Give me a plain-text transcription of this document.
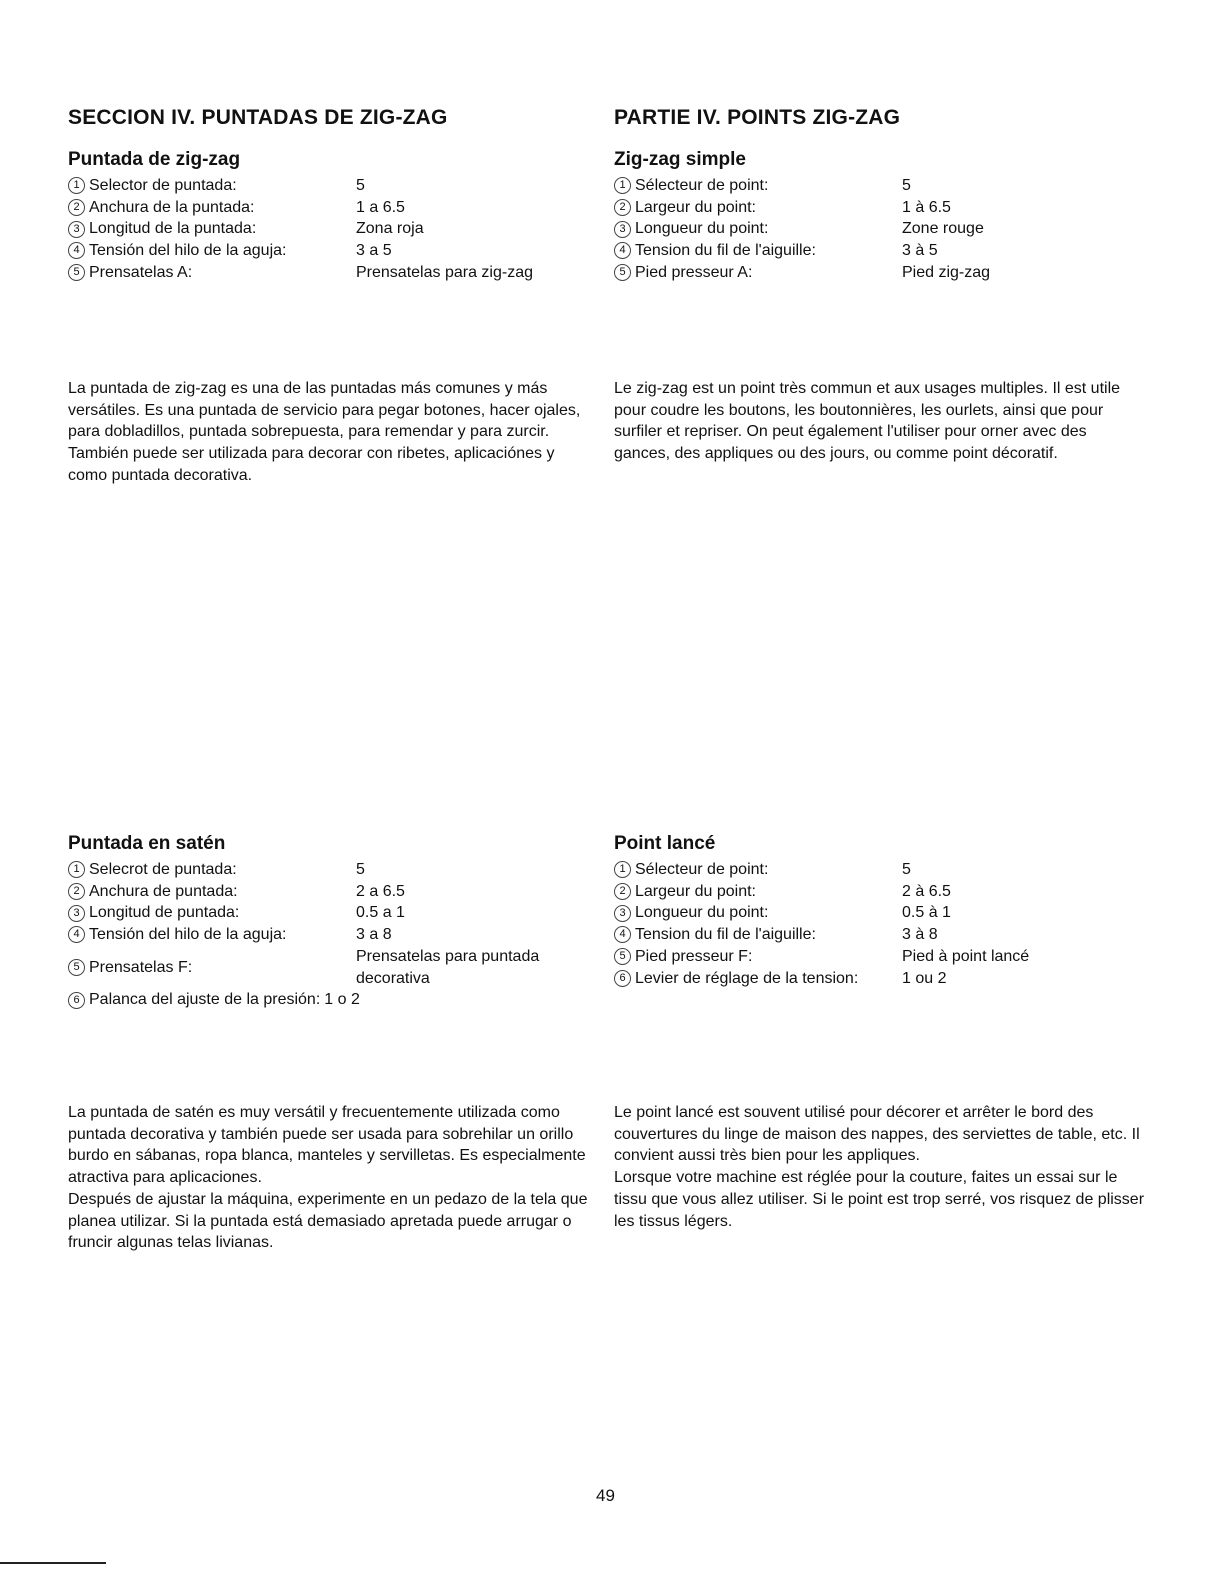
SECCION IV. PUNTADAS DE ZIG-ZAG	PARTIE IV. POINTS ZIG-ZAG
Puntada de zig-zag
1 Selector de puntada:	5
2 Anchura de la puntada:	1 a 6.5
3 Longitud de la puntada:	Zona roja
4 Tensión del hilo de la aguja:	3 a 5
5 Prensatelas A:	Prensatelas para zig-zag

La puntada de zig-zag es una de las puntadas más comunes y más versátiles. Es una puntada de servicio para pegar botones, hacer ojales, para dobladillos, puntada sobrepuesta, para remendar y para zurcir. También puede ser utilizada para decorar con ribetes, aplicaciónes y como puntada decorativa.

Zig-zag simple
1 Sélecteur de point:	5
2 Largeur du point:	1 à 6.5
3 Longueur du point:	Zone rouge
4 Tension du fil de l'aiguille:	3 à 5
5 Pied presseur A:	Pied zig-zag

Le zig-zag est un point très commun et aux usages multiples. Il est utile pour coudre les boutons, les boutonnières, les ourlets, ainsi que pour surfiler et repriser. On peut également l'utiliser pour orner avec des gances, des appliques ou des jours, ou comme point décoratif.

Puntada en satén
1 Selecrot de puntada:	5
2 Anchura de puntada:	2 a 6.5
3 Longitud de puntada:	0.5 a 1
4 Tensión del hilo de la aguja:	3 a 8
5 Prensatelas F:
Prensatelas para puntada
decorativa
6 Palanca del ajuste de la presión: 1 o 2

La puntada de satén es muy versátil y frecuentemente utilizada como puntada decorativa y también puede ser usada para sobrehilar un orillo burdo en sábanas, ropa blanca, manteles y servilletas. Es especialmente atractiva para aplicaciones.
Después de ajustar la máquina, experimente en un pedazo de la tela que planea utilizar. Si la puntada está demasiado apretada puede arrugar o fruncir algunas telas livianas.

Point lancé
1 Sélecteur de point:	5
2 Largeur du point:	2 à 6.5
3 Longueur du point:	0.5 à 1
4 Tension du fil de l'aiguille:	3 à 8
5 Pied presseur F:	Pied à point lancé
6 Levier de réglage de la tension:	1 ou 2

Le point lancé est souvent utilisé pour décorer et arrêter le bord des couvertures du linge de maison des nappes, des serviettes de table, etc. Il convient aussi très bien pour les appliques.
Lorsque votre machine est réglée pour la couture, faites un essai sur le tissu que vous allez utiliser. Si le point est trop serré, vos risquez de plisser les tissus légers.

49
